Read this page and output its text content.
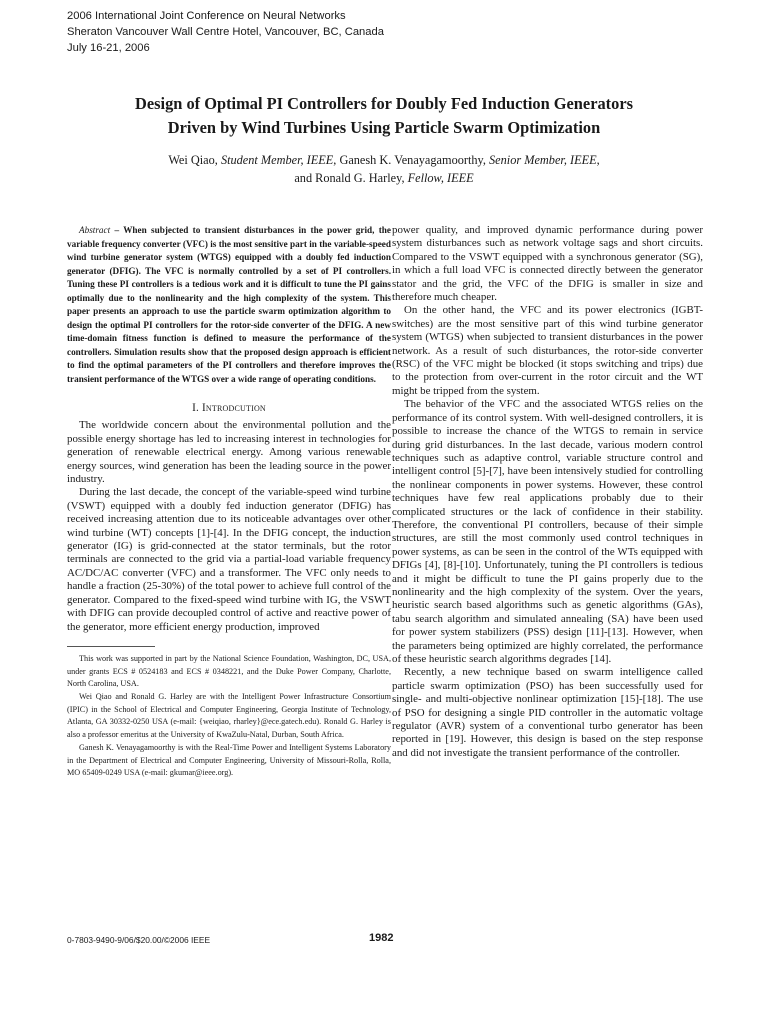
2006 International Joint Conference on Neural Networks
Sheraton Vancouver Wall Centre Hotel, Vancouver, BC, Canada
July 16-21, 2006
Design of Optimal PI Controllers for Doubly Fed Induction Generators
Driven by Wind Turbines Using Particle Swarm Optimization
Wei Qiao, Student Member, IEEE, Ganesh K. Venayagamoorthy, Senior Member, IEEE,
and Ronald G. Harley, Fellow, IEEE

Abstract – When subjected to transient disturbances in the power grid, the variable frequency converter (VFC) is the most sensitive part in the variable-speed wind turbine generator system (WTGS) equipped with a doubly fed induction generator (DFIG). The VFC is normally controlled by a set of PI controllers. Tuning these PI controllers is a tedious work and it is difficult to tune the PI gains optimally due to the nonlinearity and the high complexity of the system. This paper presents an approach to use the particle swarm optimization algorithm to design the optimal PI controllers for the rotor-side converter of the DFIG. A new time-domain fitness function is defined to measure the performance of the controllers. Simulation results show that the proposed design approach is efficient to find the optimal parameters of the PI controllers and therefore improves the transient performance of the WTGS over a wide range of operating conditions.

I. Introdcution

The worldwide concern about the environmental pollution and the possible energy shortage has led to increasing interest in technologies for generation of renewable electrical energy. Among various renewable energy sources, wind generation has been the leading source in the power industry.

During the last decade, the concept of the variable-speed wind turbine (VSWT) equipped with a doubly fed induction generator (DFIG) has received increasing attention due to its noticeable advantages over other wind turbine (WT) concepts [1]-[4]. In the DFIG concept, the induction generator (IG) is grid-connected at the stator terminals, but the rotor terminals are connected to the grid via a partial-load variable frequency AC/DC/AC converter (VFC) and a transformer. The VFC only needs to handle a fraction (25-30%) of the total power to achieve full control of the generator. Compared to the fixed-speed wind turbine with IG, the VSWT with DFIG can provide decoupled control of active and reactive power of the generator, more efficient energy production, improved

This work was supported in part by the National Science Foundation, Washington, DC, USA, under grants ECS # 0524183 and ECS # 0348221, and the Duke Power Company, Charlotte, North Carolina, USA.

Wei Qiao and Ronald G. Harley are with the Intelligent Power Infrastructure Consortium (IPIC) in the School of Electrical and Computer Engineering, Georgia Institute of Technology, Atlanta, GA 30332-0250 USA (e-mail: {weiqiao, rharley}@ece.gatech.edu). Ronald G. Harley is also a professor emeritus at the University of KwaZulu-Natal, Durban, South Africa.

Ganesh K. Venayagamoorthy is with the Real-Time Power and Intelligent Systems Laboratory in the Department of Electrical and Computer Engineering, University of Missouri-Rolla, Rolla, MO 65409-0249 USA (e-mail: gkumar@ieee.org).

power quality, and improved dynamic performance during power system disturbances such as network voltage sags and short circuits. Compared to the VSWT equipped with a synchronous generator (SG), in which a full load VFC is connected directly between the generator stator and the grid, the VFC of the DFIG is smaller in size and therefore much cheaper.

On the other hand, the VFC and its power electronics (IGBT-switches) are the most sensitive part of this wind turbine generator system (WTGS) when subjected to transient disturbances in the power network. As a result of such disturbances, the rotor-side converter (RSC) of the VFC might be blocked (it stops switching and trips) due to the protection from over-current in the rotor circuit and the WT might be tripped from the system.

The behavior of the VFC and the associated WTGS relies on the performance of its control system. With well-designed controllers, it is possible to increase the chance of the WTGS to remain in service during grid disturbances. In the last decade, various modern control techniques such as adaptive control, variable structure control and intelligent control [5]-[7], have been intensively studied for controlling the nonlinear components in power systems. However, these control techniques have few real applications probably due to their complicated structures or the lack of confidence in their stability. Therefore, the conventional PI controllers, because of their simple structures, are still the most commonly used control techniques in power systems, as can be seen in the control of the WTs equipped with DFIGs [4], [8]-[10]. Unfortunately, tuning the PI controllers is tedious and it might be difficult to tune the PI gains properly due to the nonlinearity and the high complexity of the system. Over the years, heuristic search based algorithms such as genetic algorithms (GAs), tabu search algorithm and simulated annealing (SA) have been used for power system stabilizers (PSS) design [11]-[13]. However, when the parameters being optimized are highly correlated, the performance of these heuristic search algorithms degrades [14].

Recently, a new technique based on swarm intelligence called particle swarm optimization (PSO) has been successfully used for single- and multi-objective nonlinear optimization [15]-[18]. The use of PSO for designing a single PID controller in the automatic voltage regulator (AVR) system of a conventional turbo generator has been reported in [19]. However, this design is based on the step response and did not investigate the transient performance of the controller.

0-7803-9490-9/06/$20.00/©2006 IEEE	1982
